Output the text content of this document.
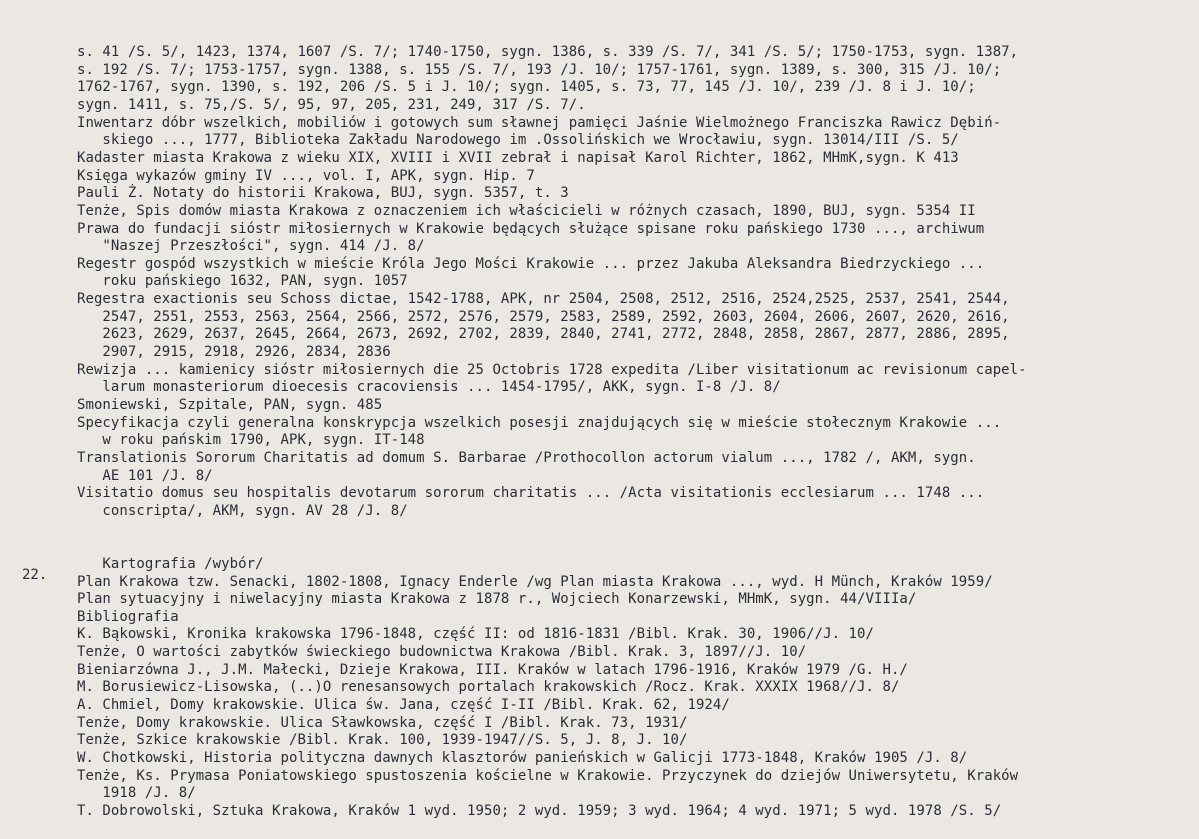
s. 41 /S. 5/, 1423, 1374, 1607 /S. 7/; 1740-1750, sygn. 1386, s. 339 /S. 7/, 341 /S. 5/; 1750-1753, sygn. 1387,
s. 192 /S. 7/; 1753-1757, sygn. 1388, s. 155 /S. 7/, 193 /J. 10/; 1757-1761, sygn. 1389, s. 300, 315 /J. 10/;
1762-1767, sygn. 1390, s. 192, 206 /S. 5 i J. 10/; sygn. 1405, s. 73, 77, 145 /J. 10/, 239 /J. 8 i J. 10/;
sygn. 1411, s. 75,/S. 5/, 95, 97, 205, 231, 249, 317 /S. 7/.
Inwentarz dóbr wszelkich, mobiliów i gotowych sum sławnej pamięci Jaśnie Wielmożnego Franciszka Rawicz Dębiń-
skiego ..., 1777, Biblioteka Zakładu Narodowego im .Ossolińskich we Wrocławiu, sygn. 13014/III /S. 5/
Kadaster miasta Krakowa z wieku XIX, XVIII i XVII zebrał i napisał Karol Richter, 1862, MHmK,sygn. K 413
Księga wykazów gminy IV ..., vol. I, APK, sygn. Hip. 7
Pauli Ż. Notaty do historii Krakowa, BUJ, sygn. 5357, t. 3
Tenże, Spis domów miasta Krakowa z oznaczeniem ich właścicieli w różnych czasach, 1890, BUJ, sygn. 5354 II
Prawa do fundacji sióstr miłosiernych w Krakowie będących służące spisane roku pańskiego 1730 ..., archiwum
"Naszej Przeszłości", sygn. 414 /J. 8/
Regestr gospód wszystkich w mieście Króla Jego Mości Krakowie ... przez Jakuba Aleksandra Biedrzyckiego ...
roku pańskiego 1632, PAN, sygn. 1057
Regestra exactionis seu Schoss dictae, 1542-1788, APK, nr 2504, 2508, 2512, 2516, 2524,2525, 2537, 2541, 2544,
2547, 2551, 2553, 2563, 2564, 2566, 2572, 2576, 2579, 2583, 2589, 2592, 2603, 2604, 2606, 2607, 2620, 2616,
2623, 2629, 2637, 2645, 2664, 2673, 2692, 2702, 2839, 2840, 2741, 2772, 2848, 2858, 2867, 2877, 2886, 2895,
2907, 2915, 2918, 2926, 2834, 2836
Rewizja ... kamienicy sióstr miłosiernych die 25 Octobris 1728 expedita /Liber visitationum ac revisionum capel-
larum monasteriorum dioecesis cracoviensis ... 1454-1795/, AKK, sygn. I-8 /J. 8/
Smoniewski, Szpitale, PAN, sygn. 485
Specyfikacja czyli generalna konskrypcja wszelkich posesji znajdujących się w mieście stołecznym Krakowie ...
w roku pańskim 1790, APK, sygn. IT-148
Translationis Sororum Charitatis ad domum S. Barbarae /Prothocollon actorum vialum ..., 1782 /, AKM, sygn.
AE 101 /J. 8/
Visitatio domus seu hospitalis devotarum sororum charitatis ... /Acta visitationis ecclesiarum ... 1748 ...
conscripta/, AKM, sygn. AV 28 /J. 8/
Kartografia /wybór/
Plan Krakowa tzw. Senacki, 1802-1808, Ignacy Enderle /wg Plan miasta Krakowa ..., wyd. H Münch, Kraków 1959/
Plan sytuacyjny i niwelacyjny miasta Krakowa z 1878 r., Wojciech Konarzewski, MHmK, sygn. 44/VIIIa/
Bibliografia
K. Bąkowski, Kronika krakowska 1796-1848, część II: od 1816-1831 /Bibl. Krak. 30, 1906//J. 10/
Tenże, O wartości zabytków świeckiego budownictwa Krakowa /Bibl. Krak. 3, 1897//J. 10/
Bieniarzówna J., J.M. Małecki, Dzieje Krakowa, III. Kraków w latach 1796-1916, Kraków 1979 /G. H./
M. Borusiewicz-Lisowska, (..)O renesansowych portalach krakowskich /Rocz. Krak. XXXIX 1968//J. 8/
A. Chmiel, Domy krakowskie. Ulica św. Jana, część I-II /Bibl. Krak. 62, 1924/
Tenże, Domy krakowskie. Ulica Sławkowska, część I /Bibl. Krak. 73, 1931/
Tenże, Szkice krakowskie /Bibl. Krak. 100, 1939-1947//S. 5, J. 8, J. 10/
W. Chotkowski, Historia polityczna dawnych klasztorów panieńskich w Galicji 1773-1848, Kraków 1905 /J. 8/
Tenże, Ks. Prymasa Poniatowskiego spustoszenia kościelne w Krakowie. Przyczynek do dziejów Uniwersytetu, Kraków
1918 /J. 8/
T. Dobrowolski, Sztuka Krakowa, Kraków 1 wyd. 1950; 2 wyd. 1959; 3 wyd. 1964; 4 wyd. 1971; 5 wyd. 1978 /S. 5/
22.
